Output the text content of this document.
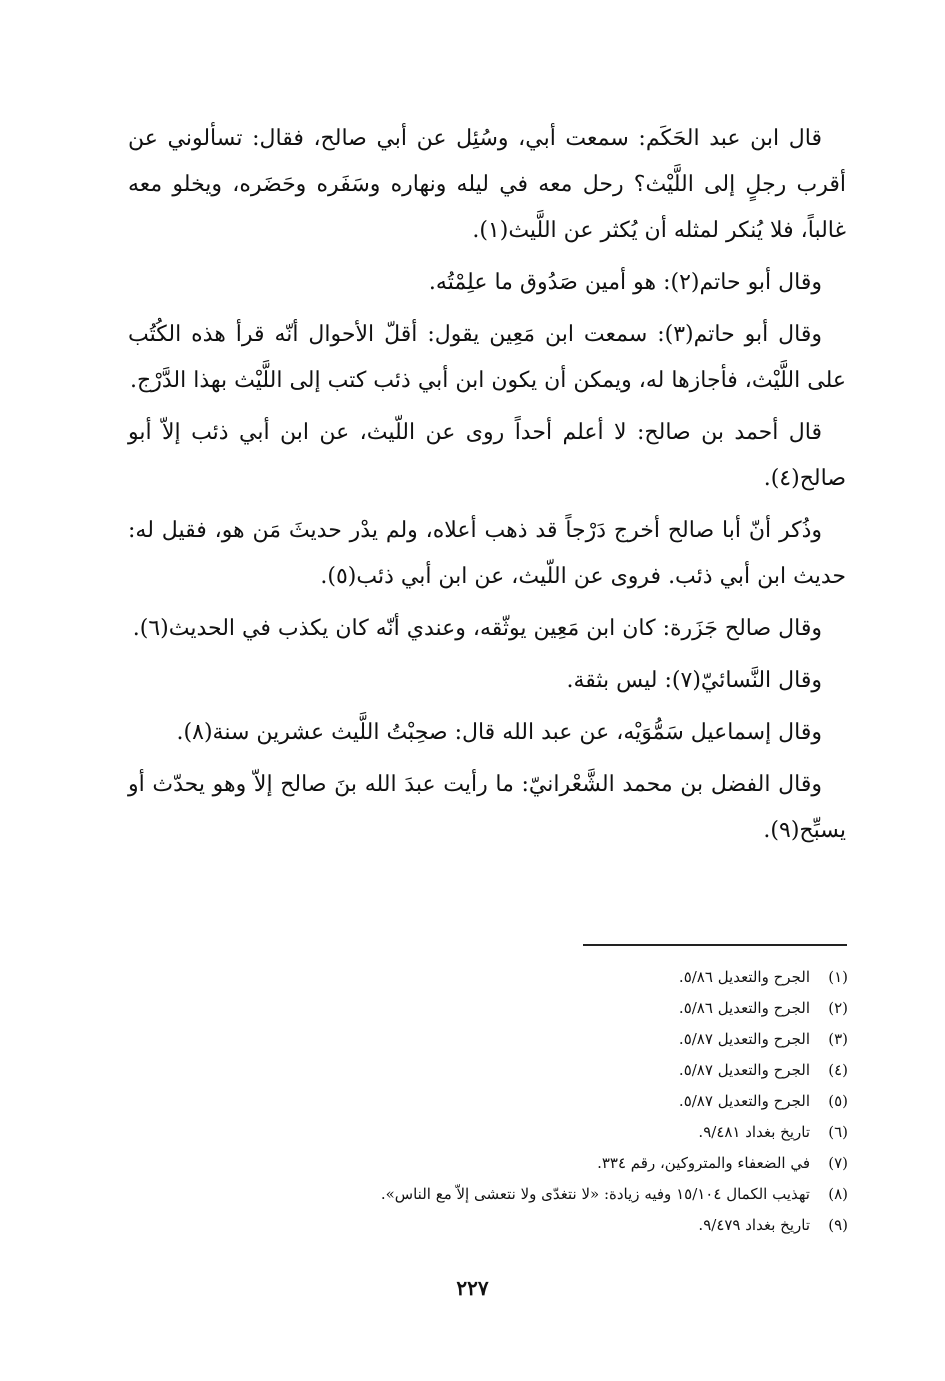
قال ابن عبد الحَكَم: سمعت أبي، وسُئِل عن أبي صالح، فقال: تسألوني عن أقرب رجلٍ إلى اللَّيْث؟ رحل معه في ليله ونهاره وسَفَره وحَضَره، ويخلو معه غالباً، فلا يُنكر لمثله أن يُكثر عن اللَّيث(١).

وقال أبو حاتم(٢): هو أمين صَدُوق ما علِمْتُه.

وقال أبو حاتم(٣): سمعت ابن مَعِين يقول: أقلّ الأحوال أنّه قرأ هذه الكُتُب على اللَّيْث، فأجازها له، ويمكن أن يكون ابن أبي ذئب كتب إلى اللَّيْث بهذا الدَّرْج.

قال أحمد بن صالح: لا أعلم أحداً روى عن اللّيث، عن ابن أبي ذئب إلاّ أبو صالح(٤).

وذُكر أنّ أبا صالح أخرج دَرْجاً قد ذهب أعلاه، ولم يدْر حديثَ مَن هو، فقيل له: حديث ابن أبي ذئب. فروى عن اللّيث، عن ابن أبي ذئب(٥).

وقال صالح جَزَرة: كان ابن مَعِين يوثّقه، وعندي أنّه كان يكذب في الحديث(٦).

وقال النَّسائيّ(٧): ليس بثقة.

وقال إسماعيل سَمُّوَيْه، عن عبد الله قال: صحِبْتُ اللَّيث عشرين سنة(٨).

وقال الفضل بن محمد الشَّعْرانيّ: ما رأيت عبدَ الله بنَ صالح إلاّ وهو يحدّث أو يسبِّح(٩).

(١)الجرح والتعديل ٥/٨٦.
(٢)الجرح والتعديل ٥/٨٦.
(٣)الجرح والتعديل ٥/٨٧.
(٤)الجرح والتعديل ٥/٨٧.
(٥)الجرح والتعديل ٥/٨٧.
(٦)تاريخ بغداد ٩/٤٨١.
(٧)في الضعفاء والمتروكين، رقم ٣٣٤.
(٨)تهذيب الكمال ١٥/١٠٤ وفيه زيادة: «لا نتغدّى ولا نتعشى إلاّ مع الناس».
(٩)تاريخ بغداد ٩/٤٧٩.
٢٢٧
